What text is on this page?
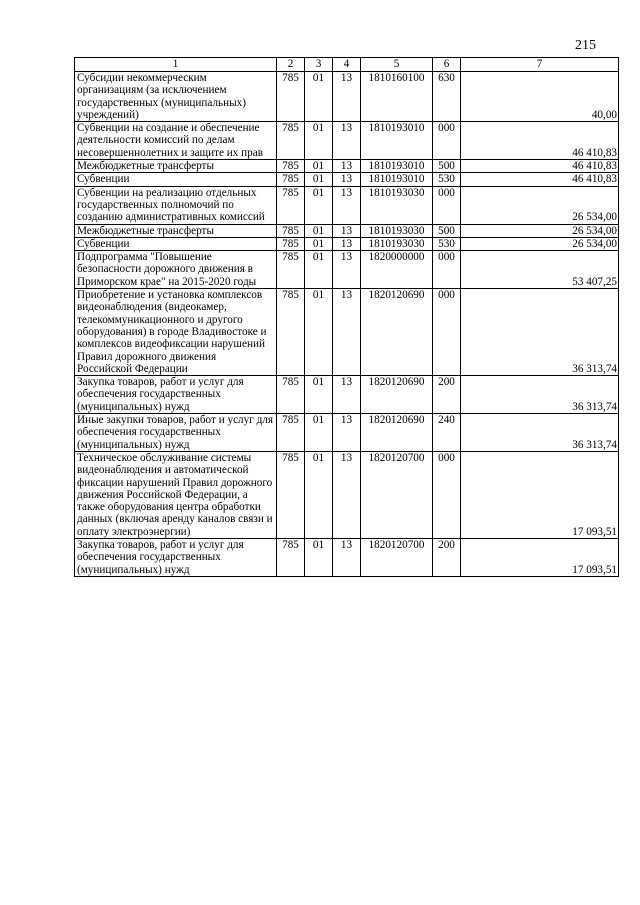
215
1	2	3	4	5	6	7
Субсидии некоммерческим организациям (за исключением государственных (муниципальных) учреждений)	785	01	13	1810160100	630	40,00
Субвенции на создание и обеспечение деятельности комиссий по делам несовершеннолетних и защите их прав	785	01	13	1810193010	000	46 410,83
Межбюджетные трансферты	785	01	13	1810193010	500	46 410,83
Субвенции	785	01	13	1810193010	530	46 410,83
Субвенции на реализацию отдельных государственных полномочий по созданию административных комиссий	785	01	13	1810193030	000	26 534,00
Межбюджетные трансферты	785	01	13	1810193030	500	26 534,00
Субвенции	785	01	13	1810193030	530	26 534,00
Подпрограмма "Повышение безопасности дорожного движения в Приморском крае" на 2015-2020 годы	785	01	13	1820000000	000	53 407,25
Приобретение и установка комплексов видеонаблюдения (видеокамер, телекоммуникационного и другого оборудования) в городе Владивостоке и комплексов видеофиксации нарушений Правил дорожного движения Российской Федерации	785	01	13	1820120690	000	36 313,74
Закупка товаров, работ и услуг для обеспечения государственных (муниципальных) нужд	785	01	13	1820120690	200	36 313,74
Иные закупки товаров, работ и услуг для обеспечения государственных (муниципальных) нужд	785	01	13	1820120690	240	36 313,74
Техническое обслуживание системы видеонаблюдения и автоматической фиксации нарушений Правил дорожного движения Российской Федерации, а также оборудования центра обработки данных (включая аренду каналов связи и оплату электроэнергии)	785	01	13	1820120700	000	17 093,51
Закупка товаров, работ и услуг для обеспечения государственных (муниципальных) нужд	785	01	13	1820120700	200	17 093,51
